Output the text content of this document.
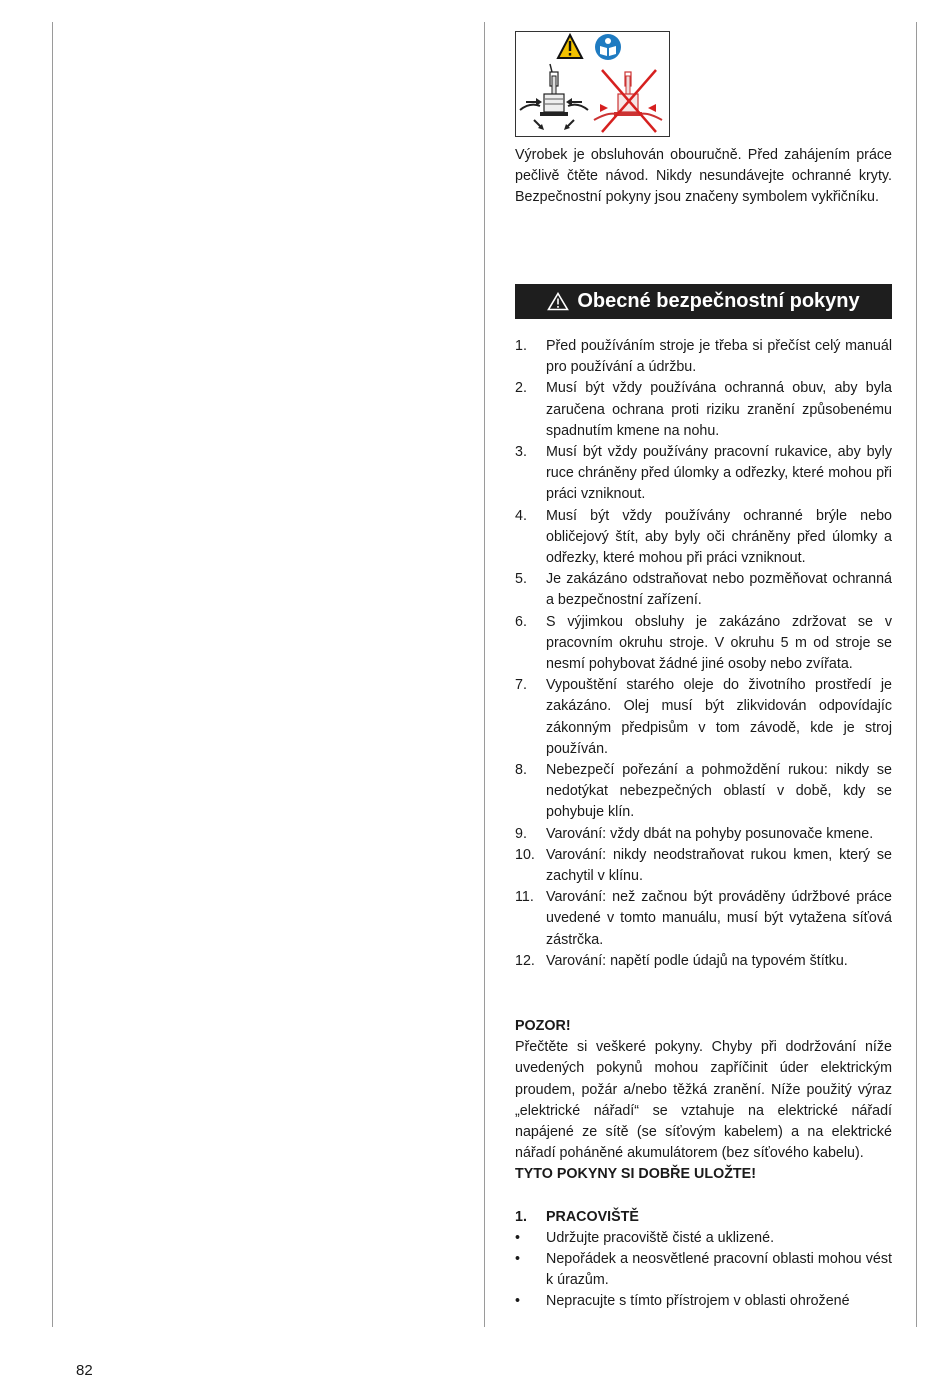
Výrobek je obsluhován obouručně. Před zahájením práce pečlivě čtěte návod. Nikdy nesundávejte ochranné kryty. Bezpečnostní pokyny jsou značeny symbolem vykřičníku.

Obecné bezpečnostní pokyny
1.	Před používáním stroje je třeba si přečíst celý manuál pro používání a údržbu.
2.	Musí být vždy používána ochranná obuv, aby byla zaručena ochrana proti riziku zranění způsobenému spadnutím kmene na nohu.
3.	Musí být vždy používány pracovní rukavice, aby byly ruce chráněny před úlomky a odřezky, které mohou při práci vzniknout.
4.	Musí být vždy používány ochranné brýle nebo obličejový štít, aby byly oči chráněny před úlomky a odřezky, které mohou při práci vzniknout.
5.	Je zakázáno odstraňovat nebo pozměňovat ochranná a bezpečnostní zařízení.
6.	S výjimkou obsluhy je zakázáno zdržovat se v pracovním okruhu stroje. V okruhu 5 m od stroje se nesmí pohybovat žádné jiné osoby nebo zvířata.
7.	Vypouštění starého oleje do životního prostředí je zakázáno. Olej musí být zlikvidován odpovídajíc zákonným předpisům v tom závodě, kde je stroj používán.
8.	Nebezpečí pořezání a pohmoždění rukou: nikdy se nedotýkat nebezpečných oblastí v době, kdy se pohybuje klín.
9.	Varování: vždy dbát na pohyby posunovače kmene.
10. Varování: nikdy neodstraňovat rukou kmen, který se zachytil v klínu.
11. Varování: než začnou být prováděny údržbové práce uvedené v tomto manuálu, musí být vytažena síťová zástrčka.
12. Varování: napětí podle údajů na typovém štítku.
POZOR!
Přečtěte si veškeré pokyny. Chyby při dodržování níže uvedených pokynů mohou zapříčinit úder elektrickým proudem, požár a/nebo těžká zranění. Níže použitý výraz „elektrické nářadí“ se vztahuje na elektrické nářadí napájené ze sítě (se síťovým kabelem) a na elektrické nářadí poháněné akumulátorem (bez síťového kabelu).
TYTO POKYNY SI DOBŘE ULOŽTE!
1.	PRACOVIŠTĚ
•	Udržujte pracoviště čisté a uklizené.
•	Nepořádek a neosvětlené pracovní oblasti mohou vést k úrazům.
•	Nepracujte s tímto přístrojem v oblasti ohrožené
82
